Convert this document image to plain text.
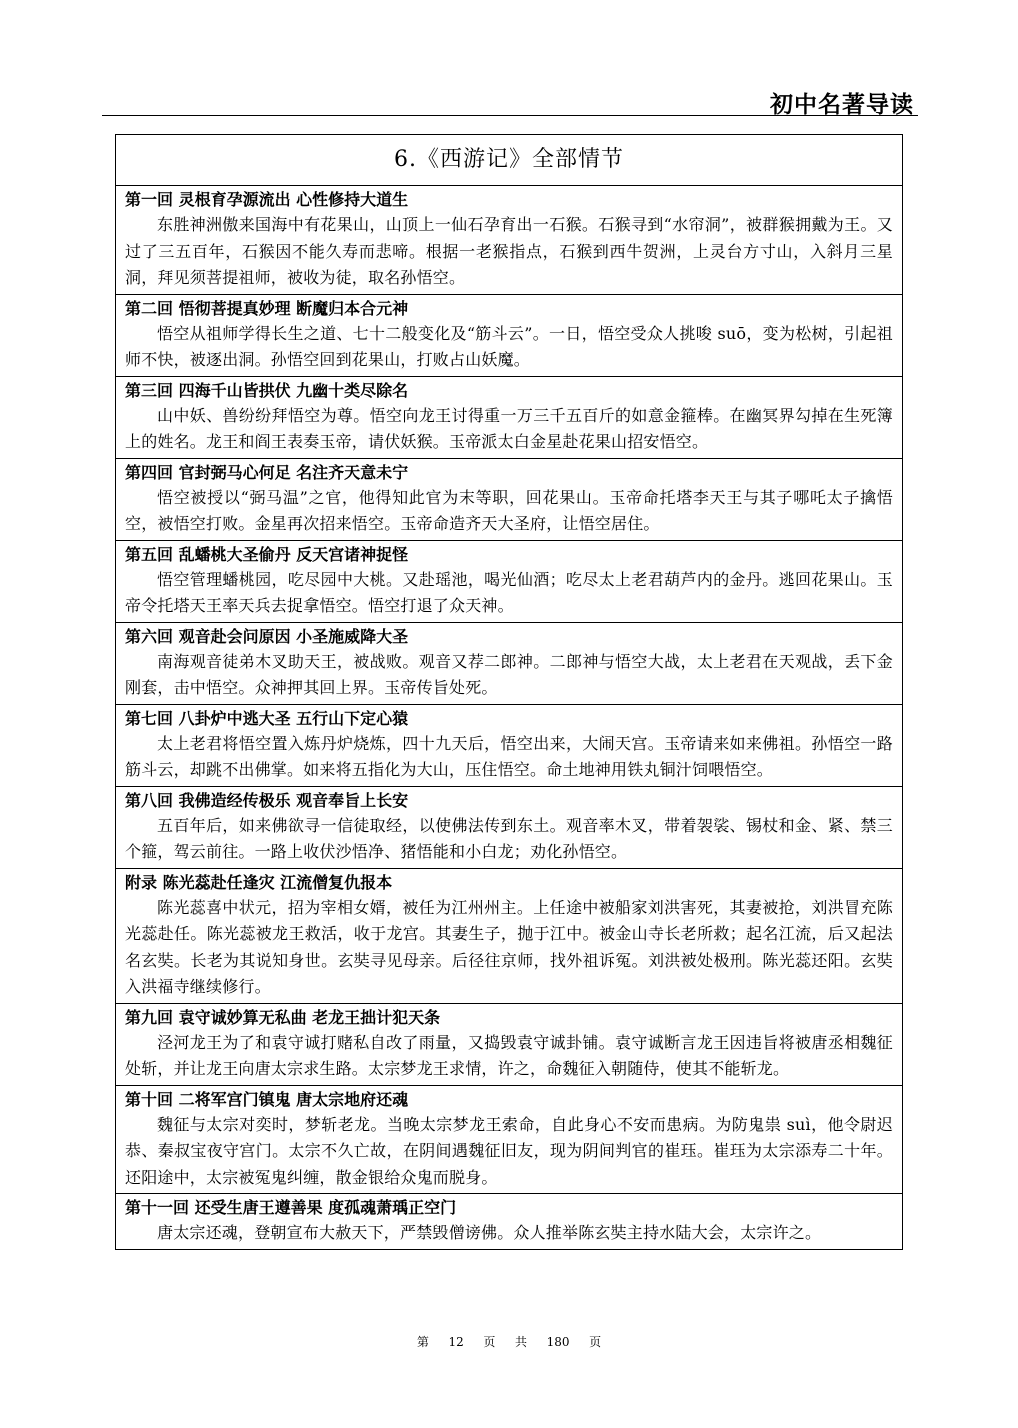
初中名著导读
6.《西游记》全部情节
第一回 灵根育孕源流出 心性修持大道生
东胜神洲傲来国海中有花果山，山顶上一仙石孕育出一石猴。石猴寻到“水帘洞”，被群猴拥戴为王。又过了三五百年，石猴因不能久寿而悲啼。根据一老猴指点，石猴到西牛贺洲，上灵台方寸山，入斜月三星洞，拜见须菩提祖师，被收为徒，取名孙悟空。
第二回 悟彻菩提真妙理 断魔归本合元神
悟空从祖师学得长生之道、七十二般变化及“筋斗云”。一日，悟空受众人挑唆 suō，变为松树，引起祖师不快，被逐出洞。孙悟空回到花果山，打败占山妖魔。
第三回 四海千山皆拱伏 九幽十类尽除名
山中妖、兽纷纷拜悟空为尊。悟空向龙王讨得重一万三千五百斤的如意金箍棒。在幽冥界勾掉在生死簿上的姓名。龙王和阎王表奏玉帝，请伏妖猴。玉帝派太白金星赴花果山招安悟空。
第四回 官封弼马心何足 名注齐天意未宁
悟空被授以“弼马温”之官，他得知此官为末等职，回花果山。玉帝命托塔李天王与其子哪吒太子擒悟空，被悟空打败。金星再次招来悟空。玉帝命造齐天大圣府，让悟空居住。
第五回 乱蟠桃大圣偷丹 反天宫诸神捉怪
悟空管理蟠桃园，吃尽园中大桃。又赴瑶池，喝光仙酒；吃尽太上老君葫芦内的金丹。逃回花果山。玉帝令托塔天王率天兵去捉拿悟空。悟空打退了众天神。
第六回 观音赴会问原因 小圣施威降大圣
南海观音徒弟木叉助天王，被战败。观音又荐二郎神。二郎神与悟空大战，太上老君在天观战，丢下金刚套，击中悟空。众神押其回上界。玉帝传旨处死。
第七回 八卦炉中逃大圣 五行山下定心猿
太上老君将悟空置入炼丹炉烧炼，四十九天后，悟空出来，大闹天宫。玉帝请来如来佛祖。孙悟空一路筋斗云，却跳不出佛掌。如来将五指化为大山，压住悟空。命土地神用铁丸铜汁饲喂悟空。
第八回 我佛造经传极乐 观音奉旨上长安
五百年后，如来佛欲寻一信徒取经，以使佛法传到东土。观音率木叉，带着袈裟、锡杖和金、紧、禁三个箍，驾云前往。一路上收伏沙悟净、猪悟能和小白龙；劝化孙悟空。
附录 陈光蕊赴任逢灾 江流僧复仇报本
陈光蕊喜中状元，招为宰相女婿，被任为江州州主。上任途中被船家刘洪害死，其妻被抢，刘洪冒充陈光蕊赴任。陈光蕊被龙王救活，收于龙宫。其妻生子，抛于江中。被金山寺长老所救；起名江流，后又起法名玄奘。长老为其说知身世。玄奘寻见母亲。后径往京师，找外祖诉冤。刘洪被处极刑。陈光蕊还阳。玄奘入洪福寺继续修行。
第九回 袁守诚妙算无私曲 老龙王拙计犯天条
泾河龙王为了和袁守诚打赌私自改了雨量，又捣毁袁守诚卦铺。袁守诚断言龙王因违旨将被唐丞相魏征处斩，并让龙王向唐太宗求生路。太宗梦龙王求情，许之，命魏征入朝随侍，使其不能斩龙。
第十回 二将军宫门镇鬼 唐太宗地府还魂
魏征与太宗对奕时，梦斩老龙。当晚太宗梦龙王索命，自此身心不安而患病。为防鬼祟 suì，他令尉迟恭、秦叔宝夜守宫门。太宗不久亡故，在阴间遇魏征旧友，现为阴间判官的崔珏。崔珏为太宗添寿二十年。还阳途中，太宗被冤鬼纠缠，散金银给众鬼而脱身。
第十一回 还受生唐王遵善果 度孤魂萧瑀正空门
唐太宗还魂，登朝宣布大赦天下，严禁毁僧谤佛。众人推举陈玄奘主持水陆大会，太宗许之。
第  12  页  共  180  页
